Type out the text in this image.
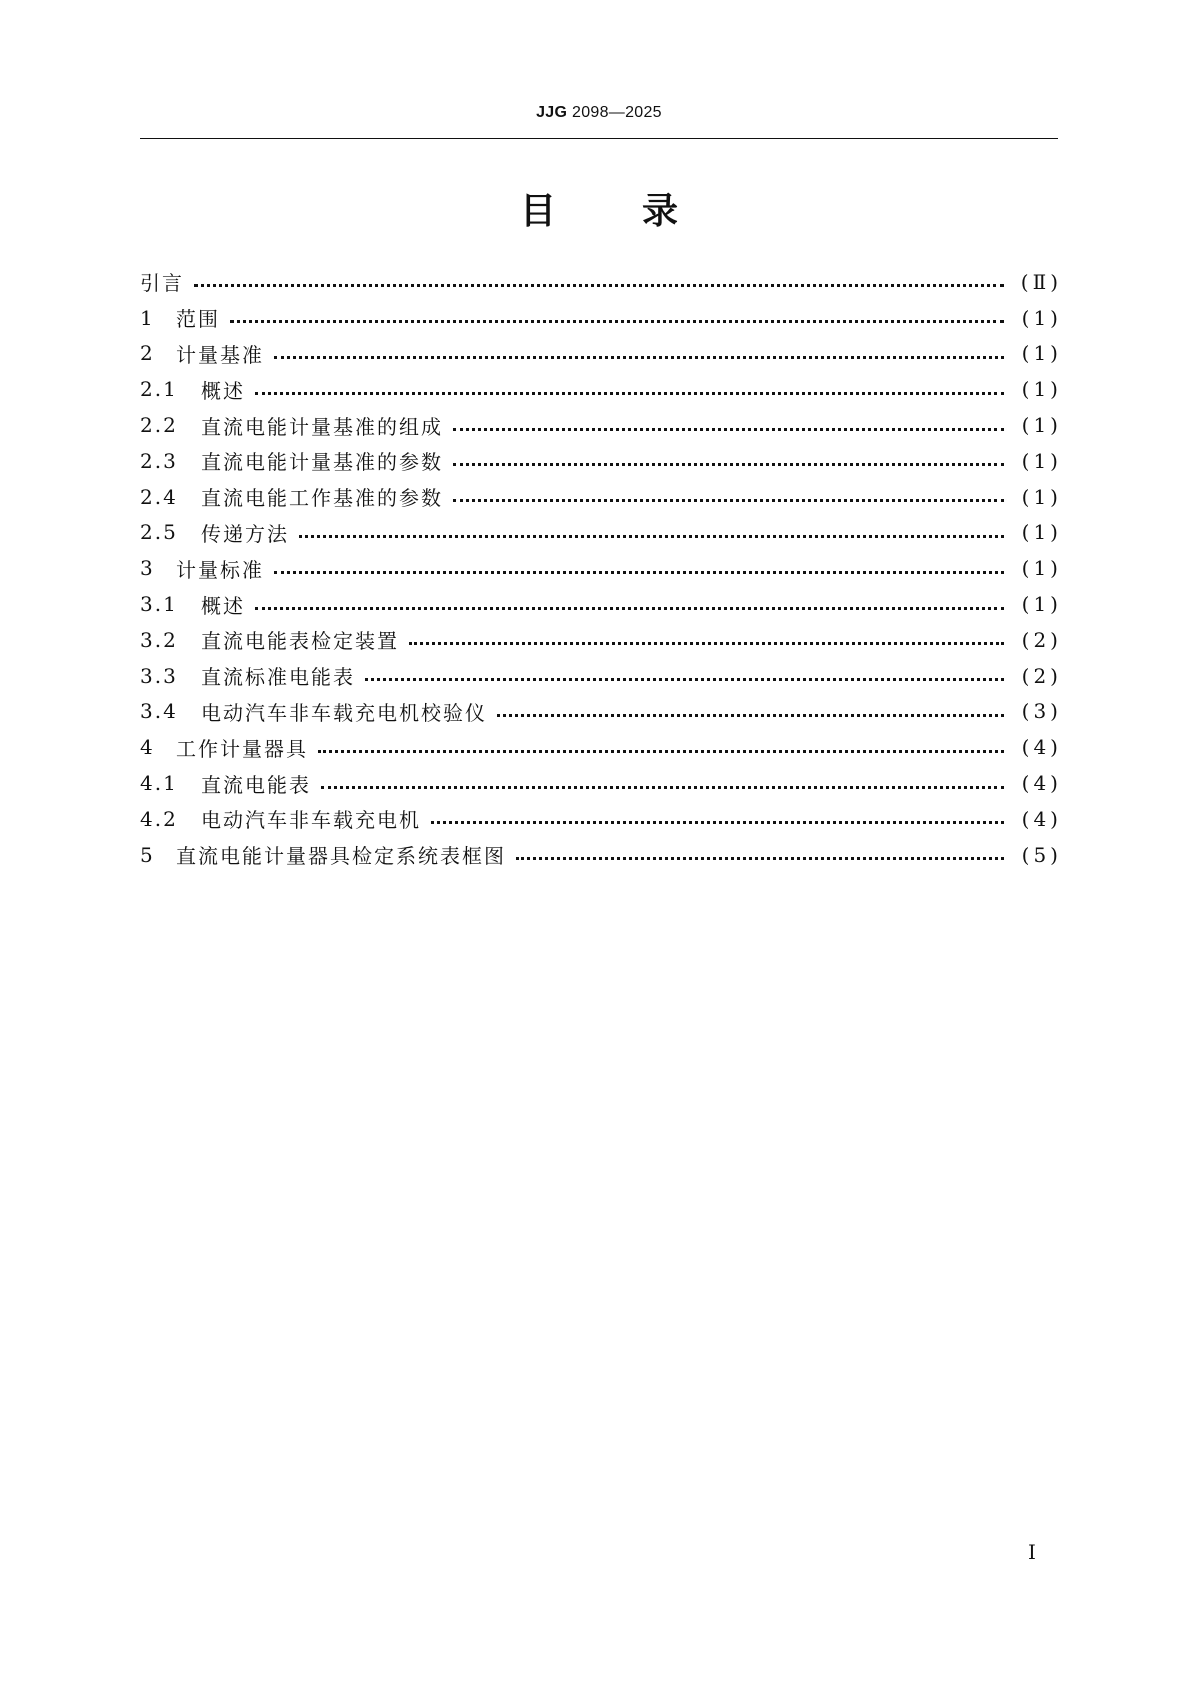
JJG 2098—2025
目 录
引言	(Ⅱ)
1	范围	(1)
2	计量基准	(1)
2.1	概述	(1)
2.2	直流电能计量基准的组成	(1)
2.3	直流电能计量基准的参数	(1)
2.4	直流电能工作基准的参数	(1)
2.5	传递方法	(1)
3	计量标准	(1)
3.1	概述	(1)
3.2	直流电能表检定装置	(2)
3.3	直流标准电能表	(2)
3.4	电动汽车非车载充电机校验仪	(3)
4	工作计量器具	(4)
4.1	直流电能表	(4)
4.2	电动汽车非车载充电机	(4)
5	直流电能计量器具检定系统表框图	(5)
Ⅰ
